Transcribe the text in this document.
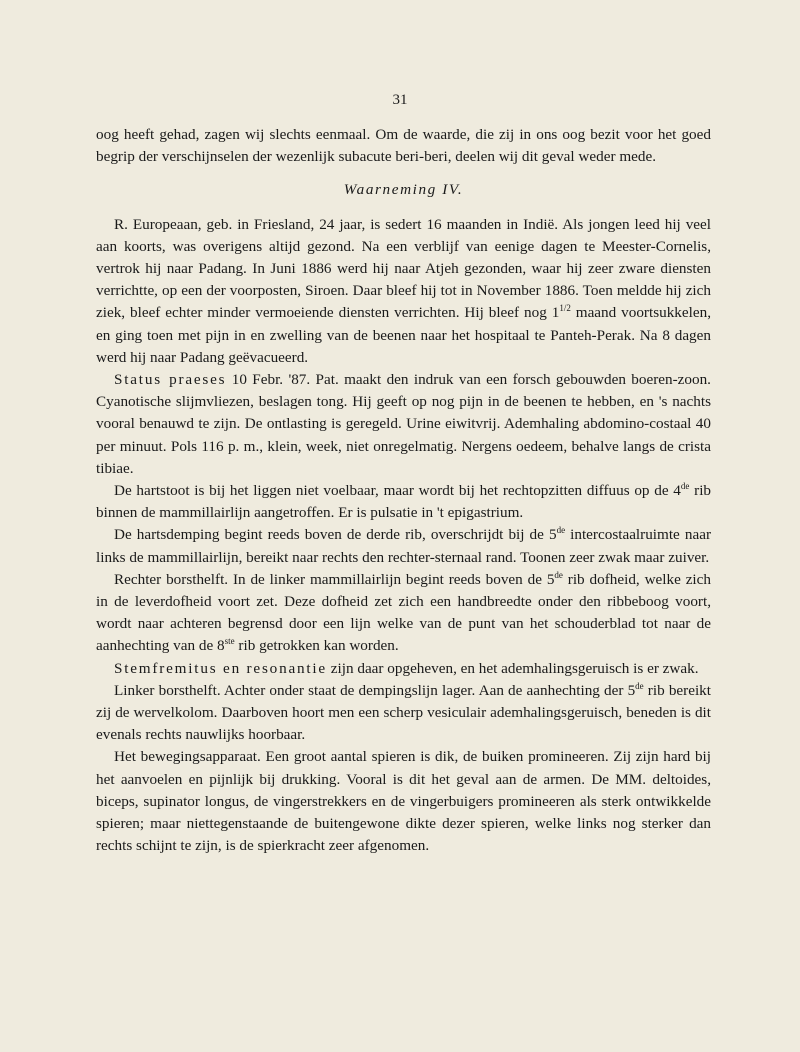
31

oog heeft gehad, zagen wij slechts eenmaal. Om de waarde, die zij in ons oog bezit voor het goed begrip der verschijnselen der wezenlijk subacute beri-beri, deelen wij dit geval weder mede.

Waarneming IV.

R. Europeaan, geb. in Friesland, 24 jaar, is sedert 16 maanden in Indië. Als jongen leed hij veel aan koorts, was overigens altijd gezond. Na een verblijf van eenige dagen te Meester-Cornelis, vertrok hij naar Padang. In Juni 1886 werd hij naar Atjeh gezonden, waar hij zeer zware diensten verrichtte, op een der voorposten, Siroen. Daar bleef hij tot in November 1886. Toen meldde hij zich ziek, bleef echter minder vermoeiende diensten verrichten. Hij bleef nog $1^{1/2}$ maand voortsukkelen, en ging toen met pijn in en zwelling van de beenen naar het hospitaal te Panteh-Perak. Na 8 dagen werd hij naar Padang geëvacueerd.

Status praeses 10 Febr. '87. Pat. maakt den indruk van een forsch gebouwden boeren-zoon. Cyanotische slijmvliezen, beslagen tong. Hij geeft op nog pijn in de beenen te hebben, en 's nachts vooral benauwd te zijn. De ontlasting is geregeld. Urine eiwitvrij. Ademhaling abdomino-costaal 40 per minuut. Pols 116 p. m., klein, week, niet onregelmatig. Nergens oedeem, behalve langs de crista tibiae.

De hartstoot is bij het liggen niet voelbaar, maar wordt bij het rechtopzitten diffuus op de 4de rib binnen de mammillairlijn aangetroffen. Er is pulsatie in 't epigastrium.

De hartsdemping begint reeds boven de derde rib, overschrijdt bij de 5de intercostaalruimte naar links de mammillairlijn, bereikt naar rechts den rechter-sternaal rand. Toonen zeer zwak maar zuiver.

Rechter borsthelft. In de linker mammillairlijn begint reeds boven de 5de rib dofheid, welke zich in de leverdofheid voort zet. Deze dofheid zet zich een handbreedte onder den ribbeboog voort, wordt naar achteren begrensd door een lijn welke van de punt van het schouderblad tot naar de aanhechting van de 8ste rib getrokken kan worden.

Stemfremitus en resonantie zijn daar opgeheven, en het ademhalingsgeruisch is er zwak.

Linker borsthelft. Achter onder staat de dempingslijn lager. Aan de aanhechting der 5de rib bereikt zij de wervelkolom. Daarboven hoort men een scherp vesiculair ademhalingsgeruisch, beneden is dit evenals rechts nauwlijks hoorbaar.

Het bewegingsapparaat. Een groot aantal spieren is dik, de buiken promineeren. Zij zijn hard bij het aanvoelen en pijnlijk bij drukking. Vooral is dit het geval aan de armen. De MM. deltoides, biceps, supinator longus, de vingerstrekkers en de vingerbuigers promineeren als sterk ontwikkelde spieren; maar niettegenstaande de buitengewone dikte dezer spieren, welke links nog sterker dan rechts schijnt te zijn, is de spierkracht zeer afgenomen.
